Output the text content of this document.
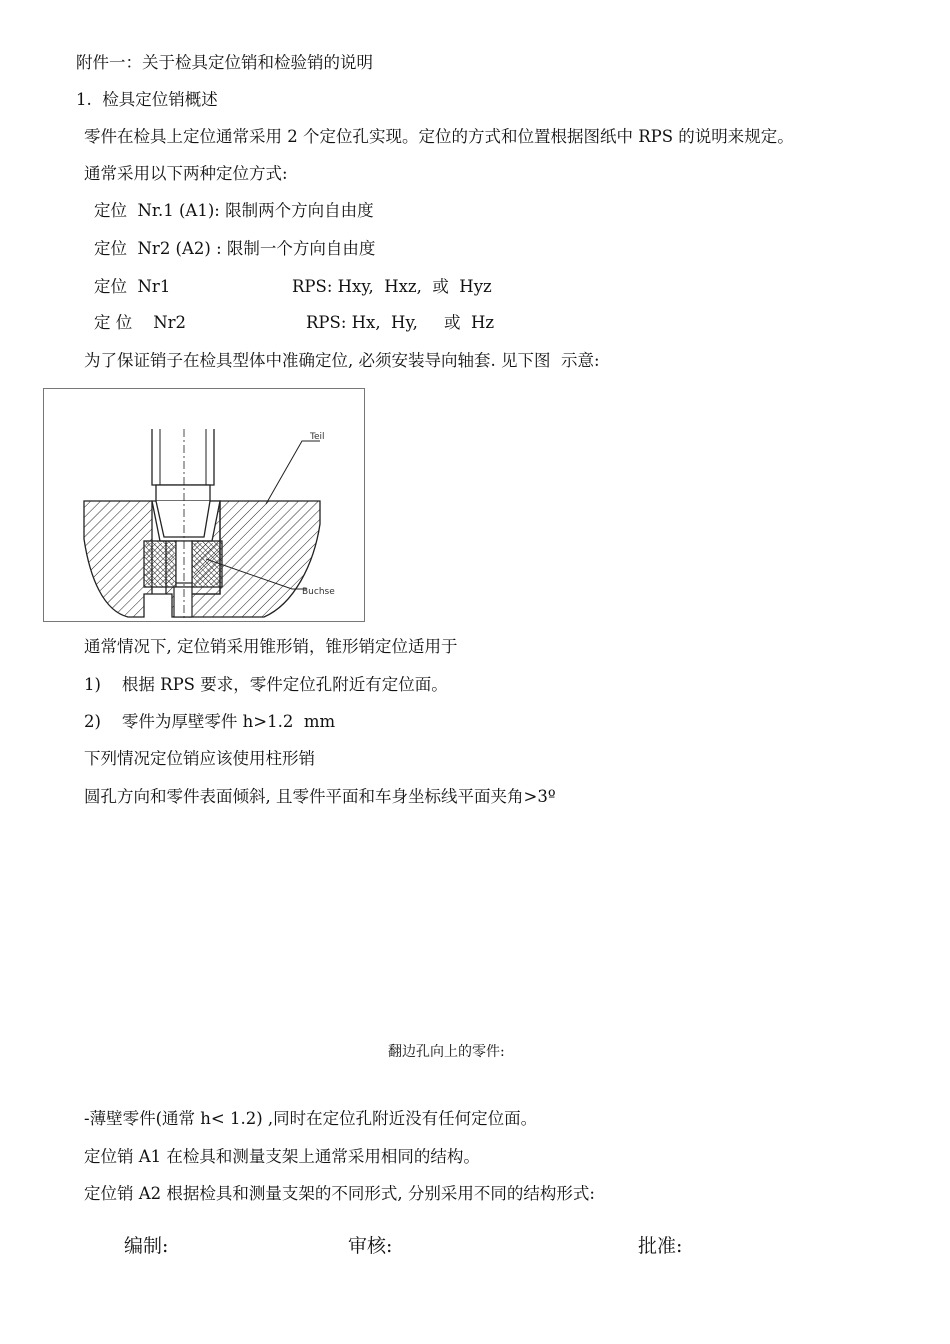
附件一：关于检具定位销和检验销的说明
1.  检具定位销概述
零件在检具上定位通常采用 2 个定位孔实现。定位的方式和位置根据图纸中 RPS 的说明来规定。
通常采用以下两种定位方式:
定位  Nr.1 (A1): 限制两个方向自由度
定位  Nr2 (A2) : 限制一个方向自由度
定位  Nr1	RPS: Hxy,  Hxz,  或  Hyz
定 位    Nr2	RPS: Hx,  Hy,     或  Hz
为了保证销子在检具型体中准确定位, 必须安装导向轴套. 见下图  示意:
Teil
Buchse
通常情况下, 定位销采用锥形销，锥形销定位适用于
1)    根据 RPS 要求，零件定位孔附近有定位面。
2)    零件为厚壁零件 h>1.2  mm
下列情况定位销应该使用柱形销
圆孔方向和零件表面倾斜, 且零件平面和车身坐标线平面夹角>3º
翻边孔向上的零件:
-薄壁零件(通常 h< 1.2) ,同时在定位孔附近没有任何定位面。
定位销 A1 在检具和测量支架上通常采用相同的结构。
定位销 A2 根据检具和测量支架的不同形式, 分别采用不同的结构形式:
编制:	审核:	批准:
